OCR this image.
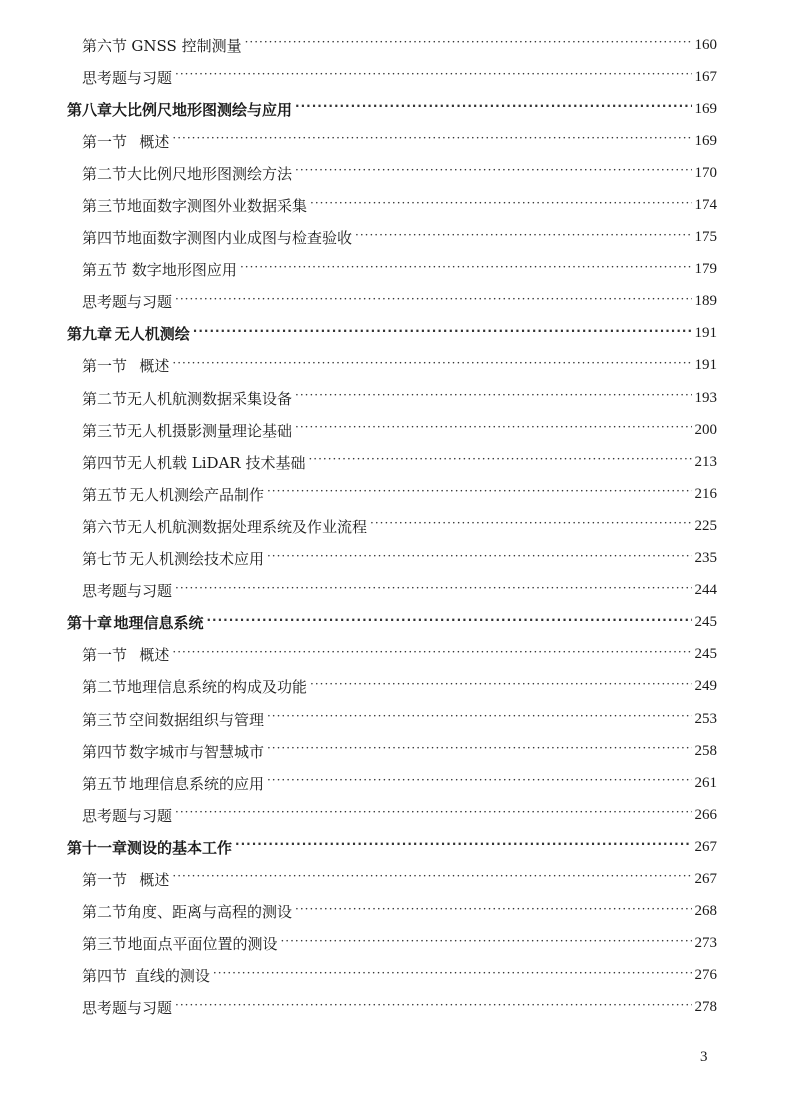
第六节 GNSS 控制测量 ·····	160
思考题与习题 ·····	167
第八章 大比例尺地形图测绘与应用 ·····	169
第一节 概述 ·····	169
第二节 大比例尺地形图测绘方法 ·····	170
第三节 地面数字测图外业数据采集 ·····	174
第四节 地面数字测图内业成图与检查验收 ·····	175
第五节 数字地形图应用 ·····	179
思考题与习题 ·····	189
第九章 无人机测绘 ·····	191
第一节 概述 ·····	191
第二节 无人机航测数据采集设备 ·····	193
第三节 无人机摄影测量理论基础 ·····	200
第四节 无人机载 LiDAR 技术基础 ·····	213
第五节 无人机测绘产品制作 ·····	216
第六节 无人机航测数据处理系统及作业流程 ·····	225
第七节 无人机测绘技术应用 ·····	235
思考题与习题 ·····	244
第十章 地理信息系统 ·····	245
第一节 概述 ·····	245
第二节 地理信息系统的构成及功能 ·····	249
第三节 空间数据组织与管理 ·····	253
第四节 数字城市与智慧城市 ·····	258
第五节 地理信息系统的应用 ·····	261
思考题与习题 ·····	266
第十一章 测设的基本工作 ·····	267
第一节 概述 ·····	267
第二节 角度、距离与高程的测设 ·····	268
第三节 地面点平面位置的测设 ·····	273
第四节 直线的测设 ·····	276
思考题与习题 ·····	278
3
